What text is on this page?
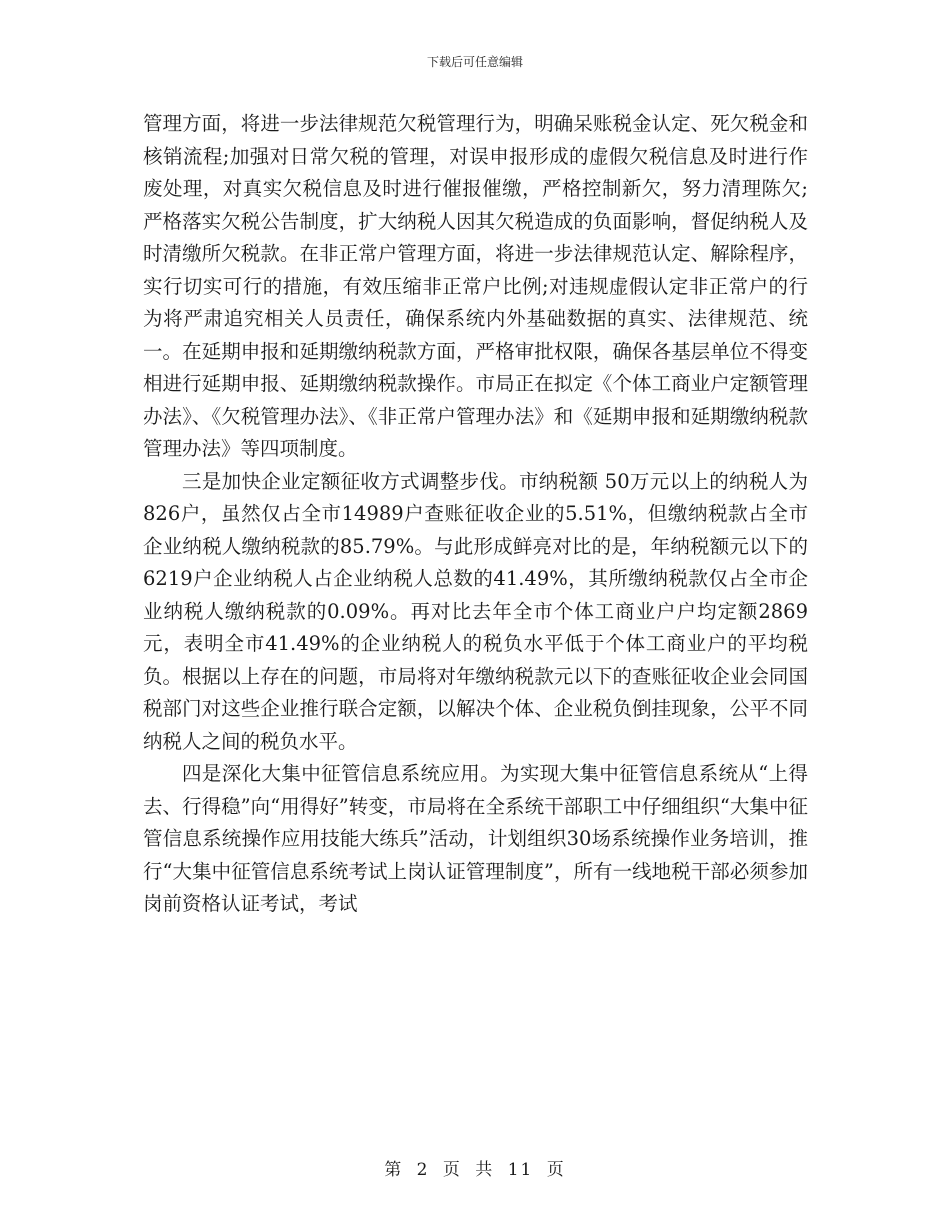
下载后可任意编辑

管理方面，将进一步法律规范欠税管理行为，明确呆账税金认定、死欠税金和核销流程;加强对日常欠税的管理，对误申报形成的虚假欠税信息及时进行作废处理，对真实欠税信息及时进行催报催缴，严格控制新欠，努力清理陈欠;严格落实欠税公告制度，扩大纳税人因其欠税造成的负面影响，督促纳税人及时清缴所欠税款。在非正常户管理方面，将进一步法律规范认定、解除程序，实行切实可行的措施，有效压缩非正常户比例;对违规虚假认定非正常户的行为将严肃追究相关人员责任，确保系统内外基础数据的真实、法律规范、统一。在延期申报和延期缴纳税款方面，严格审批权限，确保各基层单位不得变相进行延期申报、延期缴纳税款操作。市局正在拟定《个体工商业户定额管理办法》、《欠税管理办法》、《非正常户管理办法》和《延期申报和延期缴纳税款管理办法》等四项制度。

三是加快企业定额征收方式调整步伐。市纳税额 50万元以上的纳税人为826户，虽然仅占全市14989户查账征收企业的5.51%，但缴纳税款占全市企业纳税人缴纳税款的85.79%。与此形成鲜亮对比的是，年纳税额元以下的6219户企业纳税人占企业纳税人总数的41.49%，其所缴纳税款仅占全市企业纳税人缴纳税款的0.09%。再对比去年全市个体工商业户户均定额2869元，表明全市41.49%的企业纳税人的税负水平低于个体工商业户的平均税负。根据以上存在的问题，市局将对年缴纳税款元以下的查账征收企业会同国税部门对这些企业推行联合定额，以解决个体、企业税负倒挂现象，公平不同纳税人之间的税负水平。

四是深化大集中征管信息系统应用。为实现大集中征管信息系统从“上得去、行得稳”向“用得好”转变，市局将在全系统干部职工中仔细组织“大集中征管信息系统操作应用技能大练兵”活动，计划组织30场系统操作业务培训，推行“大集中征管信息系统考试上岗认证管理制度”，所有一线地税干部必须参加岗前资格认证考试，考试

第 2 页 共 11 页
